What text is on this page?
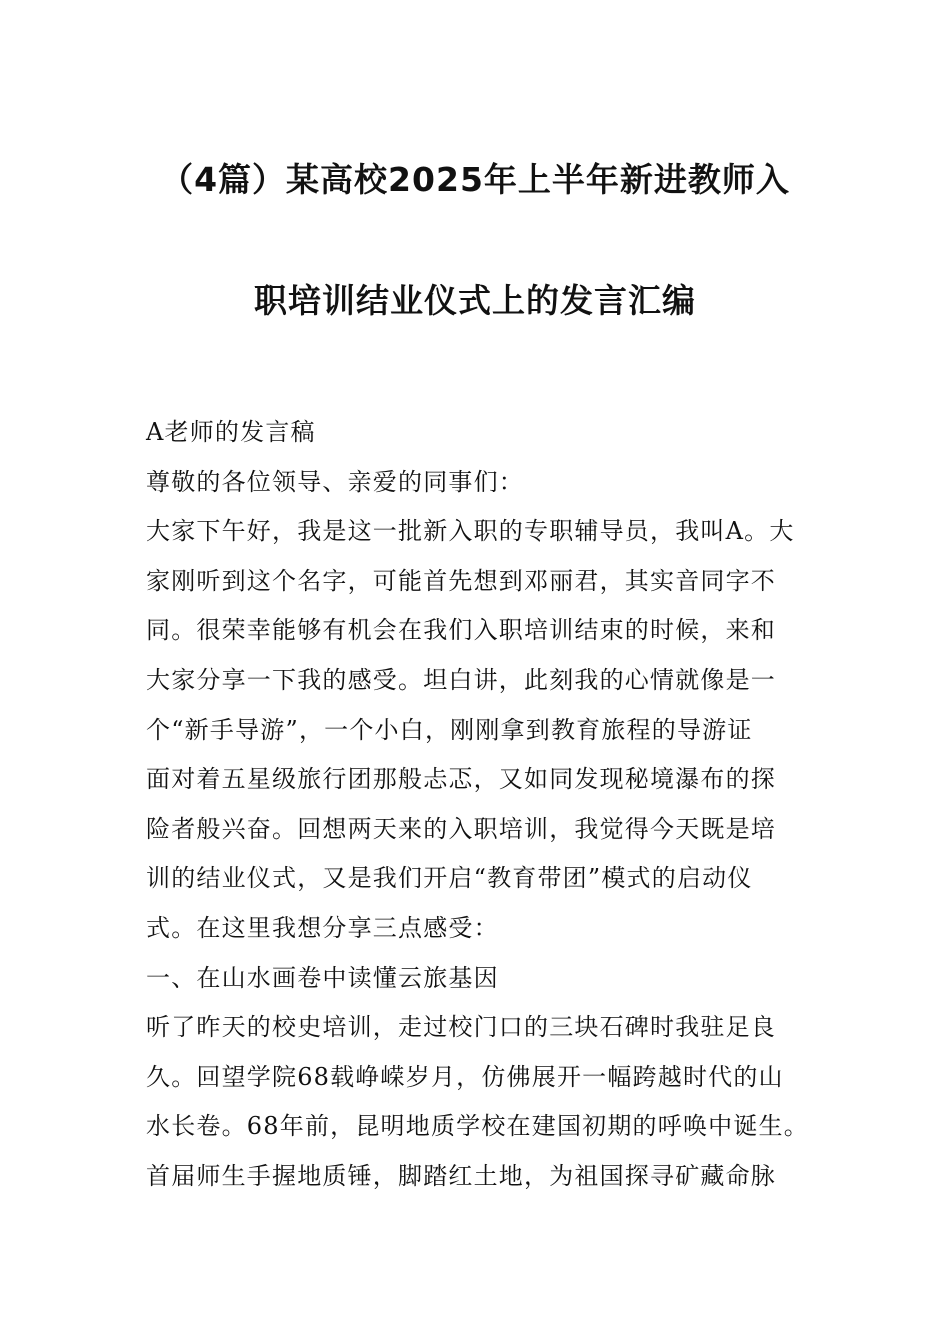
（4篇）某高校2025年上半年新进教师入
职培训结业仪式上的发言汇编
A老师的发言稿
尊敬的各位领导、亲爱的同事们：
大家下午好，我是这一批新入职的专职辅导员，我叫A。大
家刚听到这个名字，可能首先想到邓丽君，其实音同字不
同。很荣幸能够有机会在我们入职培训结束的时候，来和
大家分享一下我的感受。坦白讲，此刻我的心情就像是一
个“新手导游”，一个小白，刚刚拿到教育旅程的导游证
面对着五星级旅行团那般忐忑，又如同发现秘境瀑布的探
险者般兴奋。回想两天来的入职培训，我觉得今天既是培
训的结业仪式，又是我们开启“教育带团”模式的启动仪
式。在这里我想分享三点感受：
一、在山水画卷中读懂云旅基因
听了昨天的校史培训，走过校门口的三块石碑时我驻足良
久。回望学院68载峥嵘岁月，仿佛展开一幅跨越时代的山
水长卷。68年前，昆明地质学校在建国初期的呼唤中诞生。
首届师生手握地质锤，脚踏红土地，为祖国探寻矿藏命脉
